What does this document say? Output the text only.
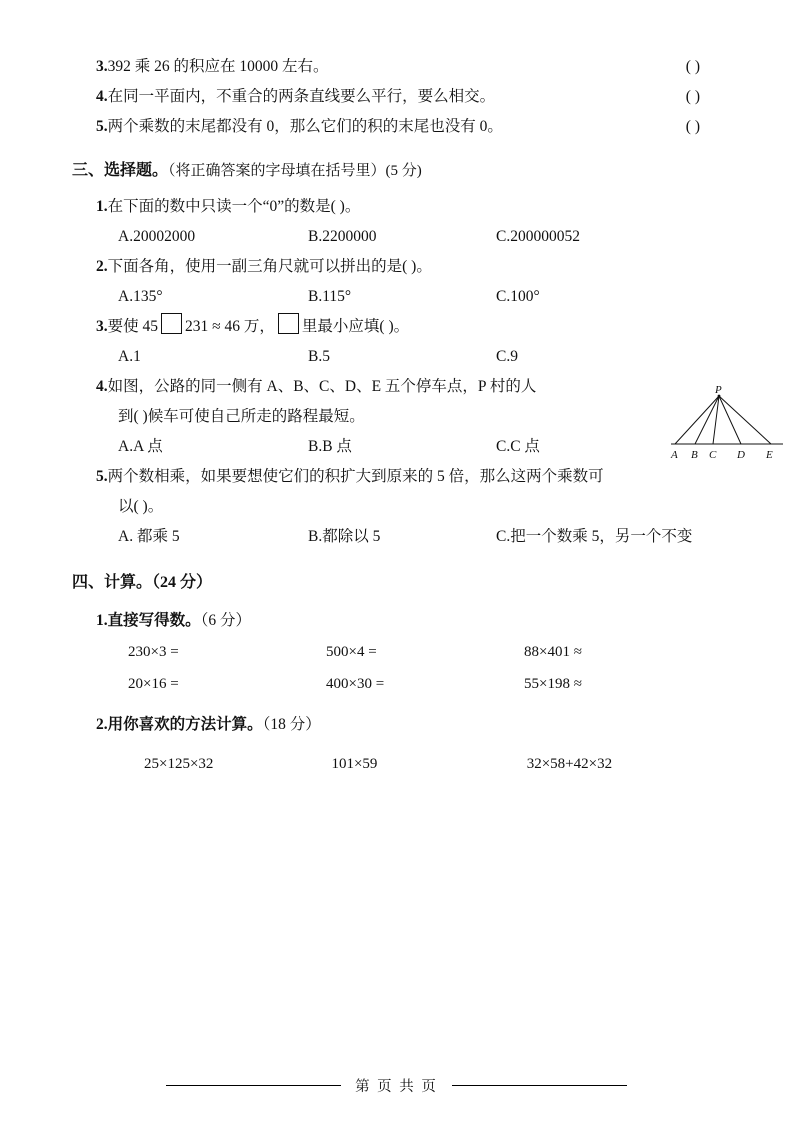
3. 392 乘 26 的积应在 10000 左右。	( )
4. 在同一平面内，不重合的两条直线要么平行，要么相交。	( )
5. 两个乘数的末尾都没有 0，那么它们的积的末尾也没有 0。	( )
三、选择题。（将正确答案的字母填在括号里）(5 分)
1.在下面的数中只读一个“0”的数是( )。
A.20002000	B.2200000	C.200000052
2.下面各角，使用一副三角尺就可以拼出的是( )。
A.135°	B.115°	C.100°
3.要使 45 231 ≈ 46 万， 里最小应填( )。
A.1	B.5	C.9
4.如图，公路的同一侧有 A、B、C、D、E 五个停车点，P 村的人
到( )候车可使自己所走的路程最短。
A.A 点	B.B 点	C.C 点
5.两个数相乘，如果要想使它们的积扩大到原来的 5 倍，那么这两个乘数可
以( )。
A. 都乘 5	B.都除以 5	C.把一个数乘 5，另一个不变
四、计算。（24 分）
1.直接写得数。（6 分）
230×3 =	500×4 =	88×401 ≈
20×16 =	400×30 =	55×198 ≈
2.用你喜欢的方法计算。（18 分）
25×125×32	101×59	32×58+42×32
P
A B C D E
第 页 共 页
